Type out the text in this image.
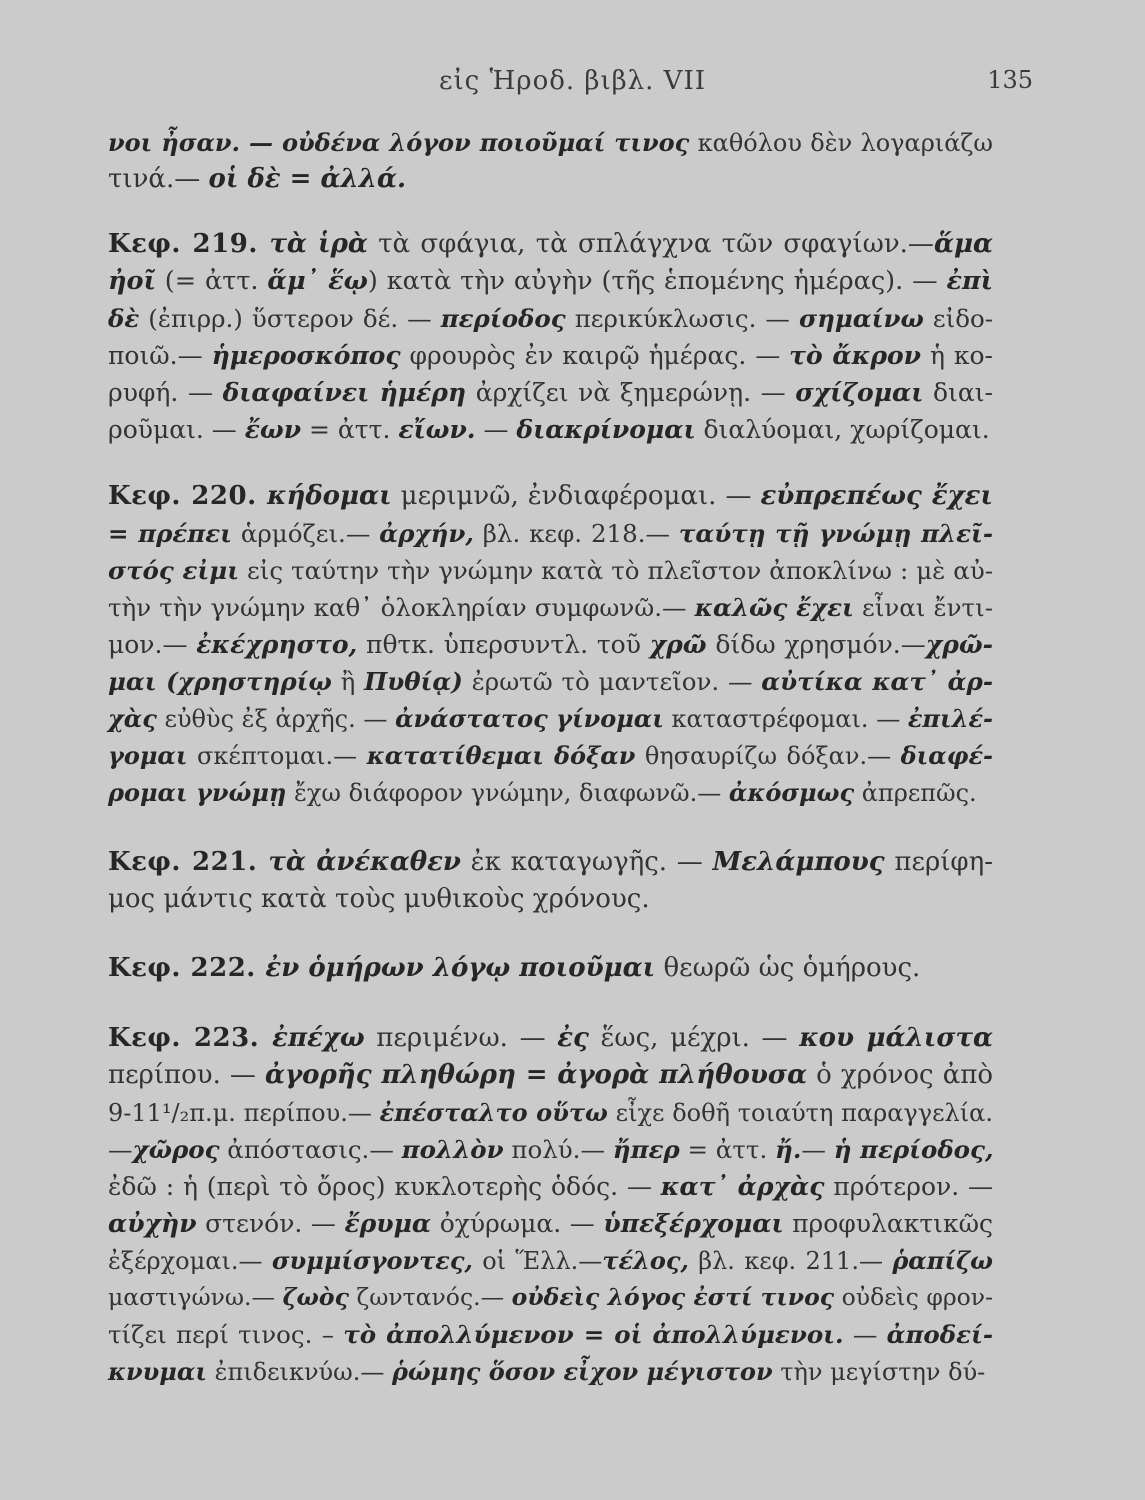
εἰς Ἡροδ. βιβλ. VII	135
νοι ἦσαν. — οὐδένα λόγον ποιοῦμαί τινος καθόλου δὲν λογαριάζω
τινά.— οἱ δὲ = ἀλλά.
Κεφ. 219. τὰ ἱρὰ τὰ σφάγια, τὰ σπλάγχνα τῶν σφαγίων.—ἅμα
ἠοῖ (= ἀττ. ἅμ᾽ ἕῳ) κατὰ τὴν αὐγὴν (τῆς ἑπομένης ἡμέρας). — ἐπὶ
δὲ (ἐπιρρ.) ὕστερον δέ. — περίοδος περικύκλωσις. — σημαίνω εἰδο-
ποιῶ.— ἡμεροσκόπος φρουρὸς ἐν καιρῷ ἡμέρας. — τὸ ἄκρον ἡ κο-
ρυφή. — διαφαίνει ἡμέρη ἀρχίζει νὰ ξημερώνῃ. — σχίζομαι διαι-
ροῦμαι. — ἔων = ἀττ. εἴων. — διακρίνομαι διαλύομαι, χωρίζομαι.
Κεφ. 220. κήδομαι μεριμνῶ, ἐνδιαφέρομαι. — εὐπρεπέως ἔχει
= πρέπει ἁρμόζει.— ἀρχήν, βλ. κεφ. 218.— ταύτῃ τῇ γνώμῃ πλεῖ-
στός εἰμι εἰς ταύτην τὴν γνώμην κατὰ τὸ πλεῖστον ἀποκλίνω : μὲ αὐ-
τὴν τὴν γνώμην καθ᾽ ὁλοκληρίαν συμφωνῶ.— καλῶς ἔχει εἶναι ἔντι-
μον.— ἐκέχρηστο, πθτκ. ὑπερσυντλ. τοῦ χρῶ δίδω χρησμόν.—χρῶ-
μαι (χρηστηρίῳ ἢ Πυθίᾳ) ἐρωτῶ τὸ μαντεῖον. — αὐτίκα κατ᾽ ἀρ-
χὰς εὐθὺς ἐξ ἀρχῆς. — ἀνάστατος γίνομαι καταστρέφομαι. — ἐπιλέ-
γομαι σκέπτομαι.— κατατίθεμαι δόξαν θησαυρίζω δόξαν.— διαφέ-
ρομαι γνώμῃ ἔχω διάφορον γνώμην, διαφωνῶ.— ἀκόσμως ἀπρεπῶς.
Κεφ. 221. τὰ ἀνέκαθεν ἐκ καταγωγῆς. — Μελάμπους περίφη-
μος μάντις κατὰ τοὺς μυθικοὺς χρόνους.
Κεφ. 222. ἐν ὁμήρων λόγῳ ποιοῦμαι θεωρῶ ὡς ὁμήρους.
Κεφ. 223. ἐπέχω περιμένω. — ἐς ἕως, μέχρι. — κου μάλιστα
περίπου. — ἀγορῆς πληθώρη = ἀγορὰ πλήθουσα ὁ χρόνος ἀπὸ
9-11¹/₂π.μ. περίπου.— ἐπέσταλτο οὕτω εἶχε δοθῆ τοιαύτη παραγγελία.
—χῶρος ἀπόστασις.— πολλὸν πολύ.— ἤπερ = ἀττ. ἤ.— ἡ περίοδος,
ἐδῶ : ἡ (περὶ τὸ ὄρος) κυκλοτερὴς ὁδός. — κατ᾽ ἀρχὰς πρότερον. —
αὐχὴν στενόν. — ἔρυμα ὀχύρωμα. — ὑπεξέρχομαι προφυλακτικῶς
ἐξέρχομαι.— συμμίσγοντες, οἱ Ἕλλ.—τέλος, βλ. κεφ. 211.— ῥαπίζω
μαστιγώνω.— ζωὸς ζωντανός.— οὐδεὶς λόγος ἐστί τινος οὐδεὶς φρον-
τίζει περί τινος. – τὸ ἀπολλύμενον = οἱ ἀπολλύμενοι. — ἀποδεί-
κνυμαι ἐπιδεικνύω.— ῥώμης ὅσον εἶχον μέγιστον τὴν μεγίστην δύ-
